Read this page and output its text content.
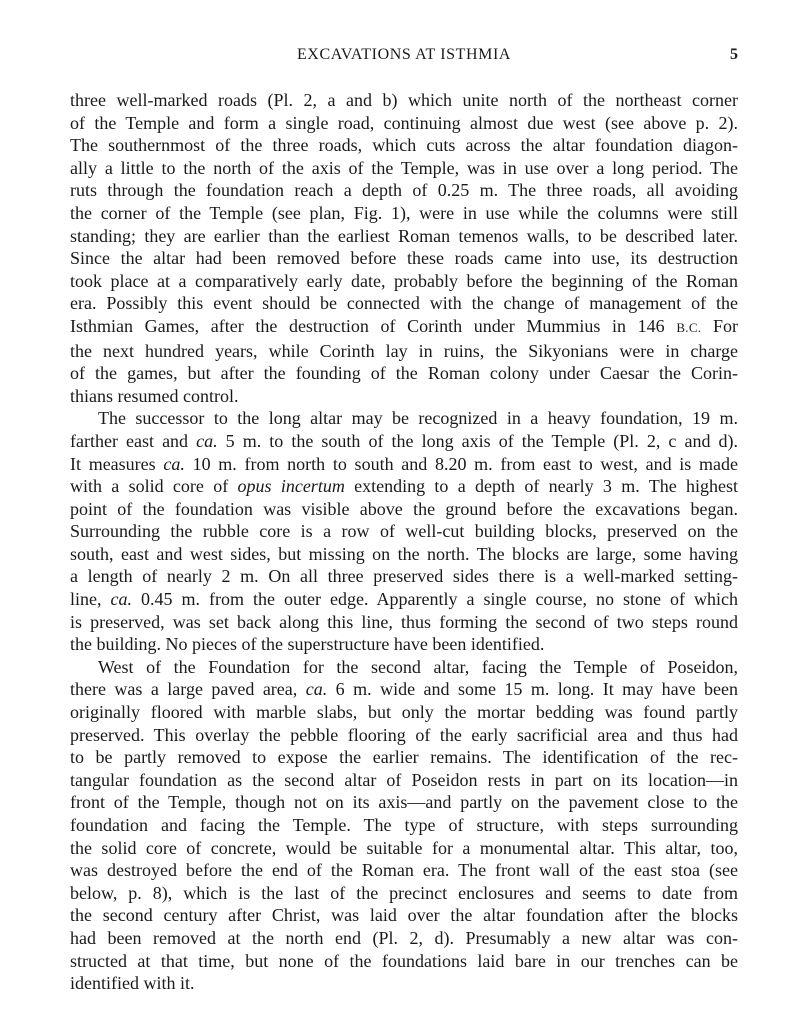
EXCAVATIONS AT ISTHMIA	5
three well-marked roads (Pl. 2, a and b) which unite north of the northeast corner
of the Temple and form a single road, continuing almost due west (see above p. 2).
The southernmost of the three roads, which cuts across the altar foundation diagon-
ally a little to the north of the axis of the Temple, was in use over a long period. The
ruts through the foundation reach a depth of 0.25 m. The three roads, all avoiding
the corner of the Temple (see plan, Fig. 1), were in use while the columns were still
standing; they are earlier than the earliest Roman temenos walls, to be described later.
Since the altar had been removed before these roads came into use, its destruction
took place at a comparatively early date, probably before the beginning of the Roman
era. Possibly this event should be connected with the change of management of the
Isthmian Games, after the destruction of Corinth under Mummius in 146 B.C. For
the next hundred years, while Corinth lay in ruins, the Sikyonians were in charge
of the games, but after the founding of the Roman colony under Caesar the Corin-
thians resumed control.
The successor to the long altar may be recognized in a heavy foundation, 19 m.
farther east and ca. 5 m. to the south of the long axis of the Temple (Pl. 2, c and d).
It measures ca. 10 m. from north to south and 8.20 m. from east to west, and is made
with a solid core of opus incertum extending to a depth of nearly 3 m. The highest
point of the foundation was visible above the ground before the excavations began.
Surrounding the rubble core is a row of well-cut building blocks, preserved on the
south, east and west sides, but missing on the north. The blocks are large, some having
a length of nearly 2 m. On all three preserved sides there is a well-marked setting-
line, ca. 0.45 m. from the outer edge. Apparently a single course, no stone of which
is preserved, was set back along this line, thus forming the second of two steps round
the building. No pieces of the superstructure have been identified.
West of the Foundation for the second altar, facing the Temple of Poseidon,
there was a large paved area, ca. 6 m. wide and some 15 m. long. It may have been
originally floored with marble slabs, but only the mortar bedding was found partly
preserved. This overlay the pebble flooring of the early sacrificial area and thus had
to be partly removed to expose the earlier remains. The identification of the rec-
tangular foundation as the second altar of Poseidon rests in part on its location—in
front of the Temple, though not on its axis—and partly on the pavement close to the
foundation and facing the Temple. The type of structure, with steps surrounding
the solid core of concrete, would be suitable for a monumental altar. This altar, too,
was destroyed before the end of the Roman era. The front wall of the east stoa (see
below, p. 8), which is the last of the precinct enclosures and seems to date from
the second century after Christ, was laid over the altar foundation after the blocks
had been removed at the north end (Pl. 2, d). Presumably a new altar was con-
structed at that time, but none of the foundations laid bare in our trenches can be
identified with it.
